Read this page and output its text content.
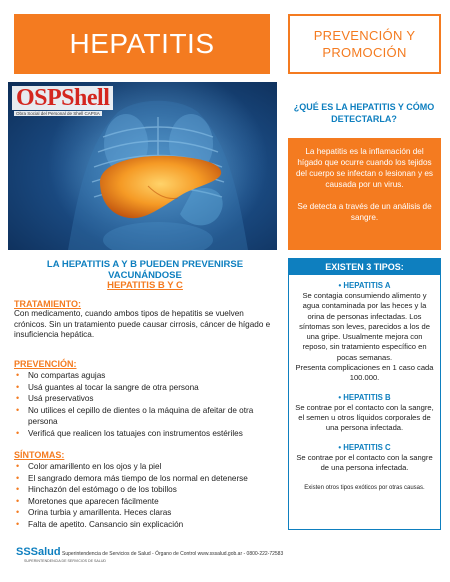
HEPATITIS
OSPShell
Obra Social del Personal de Shell CAPSA
LA HEPATITIS A Y B PUEDEN PREVENIRSE VACUNÁNDOSE
HEPATITIS B Y C
TRATAMIENTO:
Con medicamento, cuando ambos tipos de hepatitis se vuelven crónicos. Sin un tratamiento puede causar cirrosis, cáncer de hígado e insuficiencia hepática.
PREVENCIÓN:
• No compartas agujas
• Usá guantes al tocar la sangre de otra persona
• Usá preservativos
• No utilices el cepillo de dientes o la máquina de afeitar de otra persona
• Verificá que realicen los tatuajes con instrumentos estériles
SÍNTOMAS:
• Color amarillento en los ojos y la piel
• El sangrado demora más tiempo de los normal en detenerse
• Hinchazón del estómago o de los tobillos
• Moretones que aparecen fácilmente
• Orina turbia y amarillenta. Heces claras
• Falta de apetito. Cansancio sin explicación
PREVENCIÓN Y PROMOCIÓN
¿QUÉ ES LA HEPATITIS Y CÓMO DETECTARLA?

La hepatitis es la inflamación del hígado que ocurre cuando los tejidos del cuerpo se infectan o lesionan y es causada por un virus.

Se detecta a través de un análisis de sangre.

EXISTEN 3 TIPOS:
• HEPATITIS A
Se contagia consumiendo alimento y agua contaminada por las heces y la orina de personas infectadas. Los síntomas son leves, parecidos a los de una gripe. Usualmente mejora con reposo, sin tratamiento específico en pocas semanas.
Presenta complicaciones en 1 caso cada 100.000.
• HEPATITIS B
Se contrae por el contacto con la sangre, el semen u otros líquidos corporales de una persona infectada.
• HEPATITIS C
Se contrae por el contacto con la sangre de una persona infectada.
Existen otros tipos exóticos por otras causas.
SSSalud
SUPERINTENDENCIA DE SERVICIOS DE SALUD
Superintendencia de Servicios de Salud - Órgano de Control www.sssalud.gob.ar - 0800-222-72583
